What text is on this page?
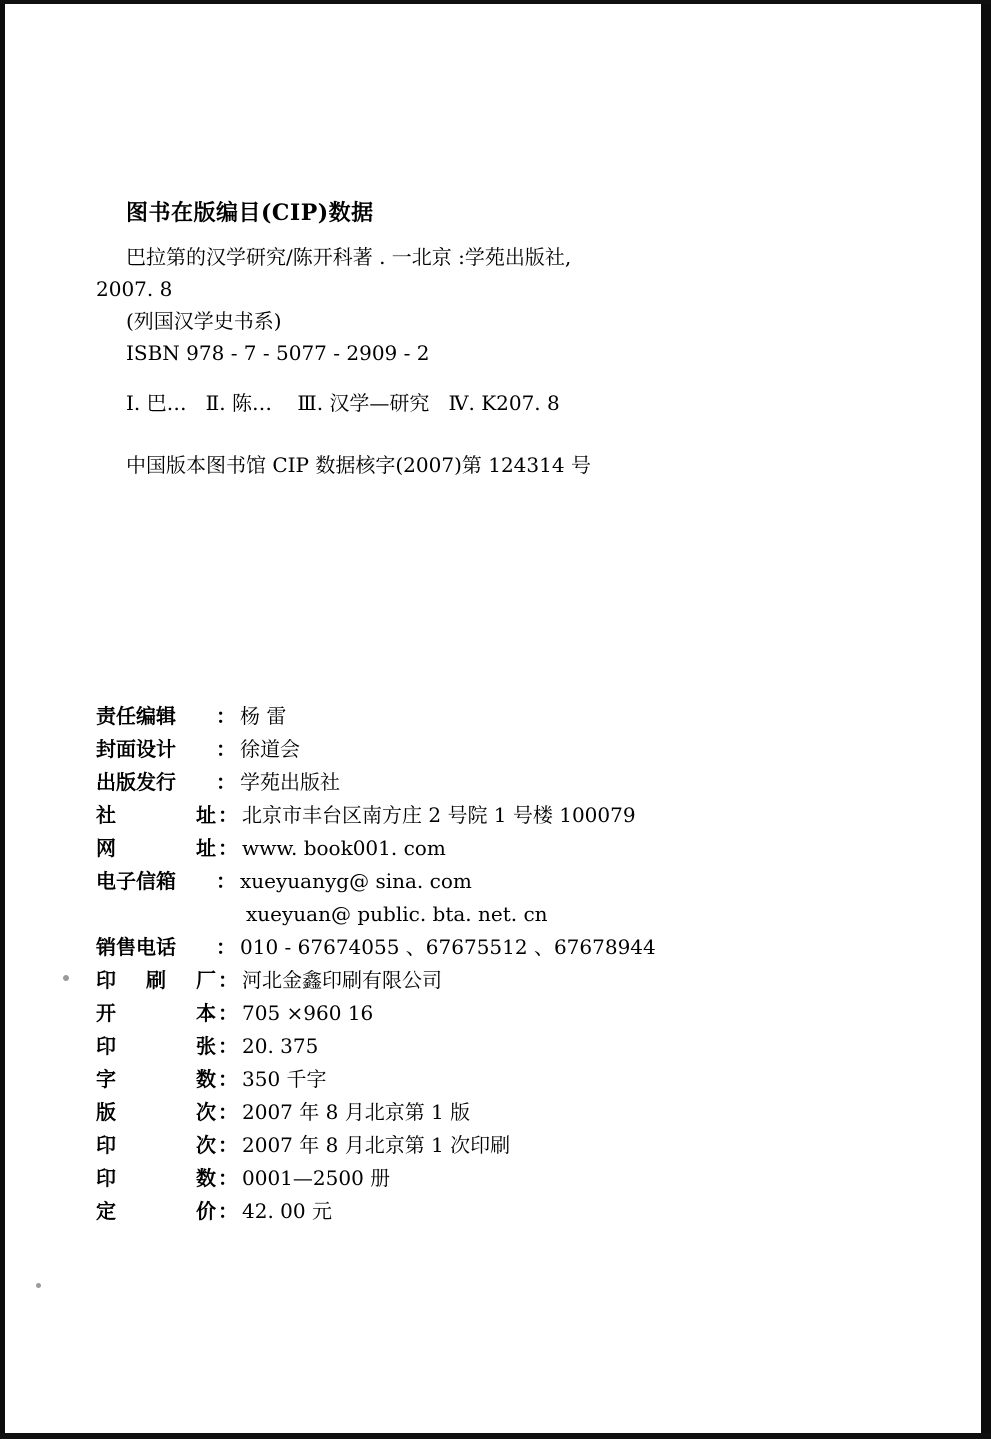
图书在版编目(CIP)数据
巴拉第的汉学研究/陈开科著 . 一北京 :学苑出版社,
2007. 8
(列国汉学史书系)
ISBN 978 - 7 - 5077 - 2909 - 2
Ⅰ. 巴…   Ⅱ. 陈…    Ⅲ. 汉学—研究   Ⅳ. K207. 8
中国版本图书馆 CIP 数据核字(2007)第 124314 号
责任编辑	： 杨 雷
封面设计	： 徐道会
出版发行	： 学苑出版社
社	址 ： 北京市丰台区南方庄 2 号院 1 号楼 100079
网	址 ： www. book001. com
电子信箱	： xueyuanyg@ sina. com
xueyuan@ public. bta. net. cn
销售电话	： 010 - 67674055 、67675512 、67678944
印 刷 厂 ： 河北金鑫印刷有限公司
开	本 ： 705 ×960 16
印	张 ： 20. 375
字	数 ： 350 千字
版	次 ： 2007 年 8 月北京第 1 版
印	次 ： 2007 年 8 月北京第 1 次印刷
印	数 ： 0001—2500 册
定	价 ： 42. 00 元
